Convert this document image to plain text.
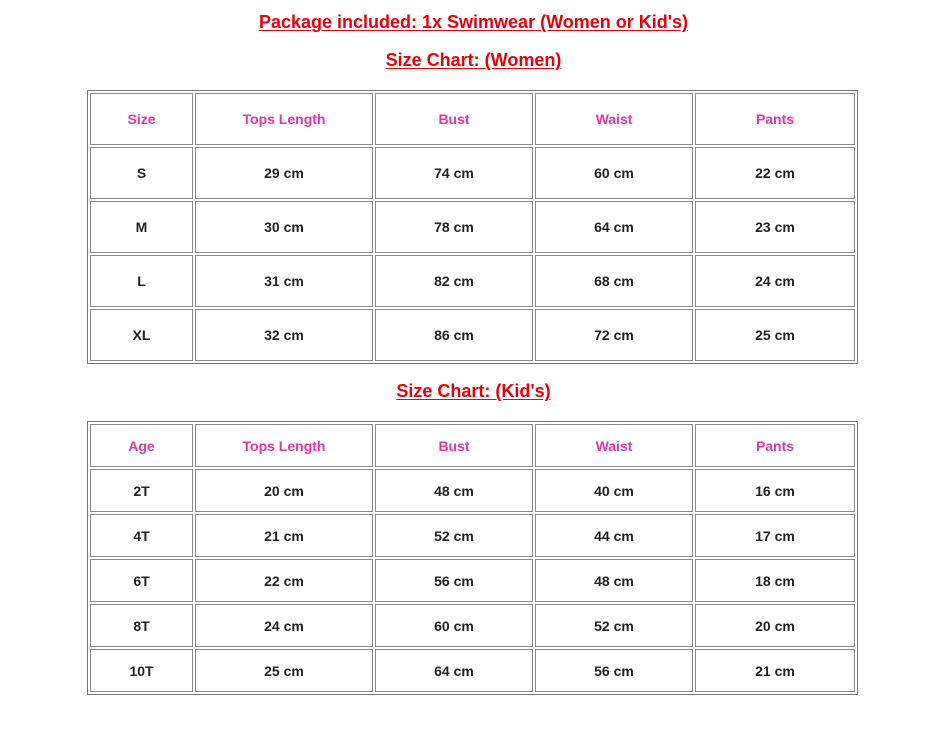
Package included: 1x Swimwear (Women or Kid's)
Size Chart: (Women)
Size	Tops Length	Bust	Waist	Pants
S	29 cm	74 cm	60 cm	22 cm
M	30 cm	78 cm	64 cm	23 cm
L	31 cm	82 cm	68 cm	24 cm
XL	32 cm	86 cm	72 cm	25 cm
Size Chart: (Kid's)
Age	Tops Length	Bust	Waist	Pants
2T	20 cm	48 cm	40 cm	16 cm
4T	21 cm	52 cm	44 cm	17 cm
6T	22 cm	56 cm	48 cm	18 cm
8T	24 cm	60 cm	52 cm	20 cm
10T	25 cm	64 cm	56 cm	21 cm
